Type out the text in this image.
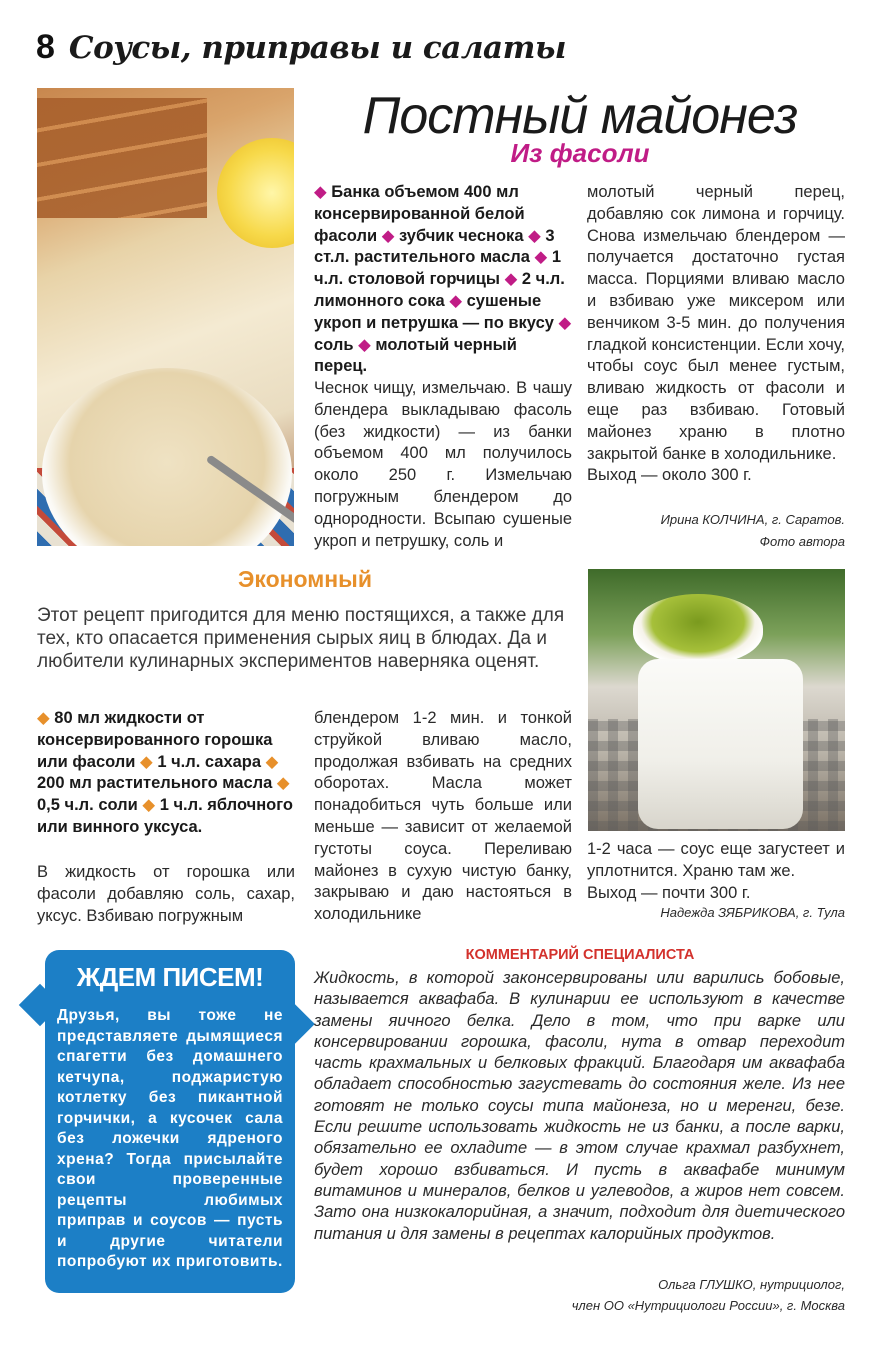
8 Соусы, приправы и салаты
Постный майонез
Из фасоли
◆ Банка объемом 400 мл консервированной белой фасоли ◆ зубчик чеснока ◆ 3 ст.л. растительного масла ◆ 1 ч.л. столовой горчицы ◆ 2 ч.л. лимонного сока ◆ сушеные укроп и петрушка — по вкусу ◆ соль ◆ молотый черный перец.
Чеснок чищу, измельчаю. В чашу блендера выкладываю фасоль (без жидкости) — из банки объемом 400 мл получилось около 250 г. Измельчаю погружным блендером до однородности. Всыпаю сушеные укроп и петрушку, соль и
молотый черный перец, добавляю сок лимона и горчицу. Снова измельчаю блендером — получается достаточно густая масса. Порциями вливаю масло и взбиваю уже миксером или венчиком 3-5 мин. до получения гладкой консистенции. Если хочу, чтобы соус был менее густым, вливаю жидкость от фасоли и еще раз взбиваю. Готовый майонез храню в плотно закрытой банке в холодильнике.
Выход — около 300 г.
Ирина КОЛЧИНА, г. Саратов.
Фото автора
Экономный
Этот рецепт пригодится для меню постящихся, а также для тех, кто опасается применения сырых яиц в блюдах. Да и любители кулинарных экспериментов наверняка оценят.
◆ 80 мл жидкости от консервированного горошка или фасоли ◆ 1 ч.л. сахара ◆ 200 мл растительного масла ◆ 0,5 ч.л. соли ◆ 1 ч.л. яблочного или винного уксуса.
В жидкость от горошка или фасоли добавляю соль, сахар, уксус. Взбиваю погружным
блендером 1-2 мин. и тонкой струйкой вливаю масло, продолжая взбивать на средних оборотах. Масла может понадобиться чуть больше или меньше — зависит от желаемой густоты соуса. Переливаю майонез в сухую чистую банку, закрываю и даю настояться в холодильнике
1-2 часа — соус еще загустеет и уплотнится. Храню там же.
Выход — почти 300 г.
Надежда ЗЯБРИКОВА, г. Тула
ЖДЕМ ПИСЕМ!
Друзья, вы тоже не представляете дымящиеся спагетти без домашнего кетчупа, поджаристую котлетку без пикантной горчички, а кусочек сала без ложечки ядреного хрена? Тогда присылайте свои проверенные рецепты любимых приправ и соусов — пусть и другие читатели попробуют их приготовить.
КОММЕНТАРИЙ СПЕЦИАЛИСТА
Жидкость, в которой законсервированы или варились бобовые, называется аквафаба. В кулинарии ее используют в качестве замены яичного белка. Дело в том, что при варке или консервировании горошка, фасоли, нута в отвар переходит часть крахмальных и белковых фракций. Благодаря им аквафаба обладает способностью загустевать до состояния желе. Из нее готовят не только соусы типа майонеза, но и меренги, безе. Если решите использовать жидкость не из банки, а после варки, обязательно ее охладите — в этом случае крахмал разбухнет, будет хорошо взбиваться. И пусть в аквафабе минимум витаминов и минералов, белков и углеводов, а жиров нет совсем. Зато она низкокалорийная, а значит, подходит для диетического питания и для замены в рецептах калорийных продуктов.
Ольга ГЛУШКО, нутрициолог,
член ОО «Нутрициологи России», г. Москва
